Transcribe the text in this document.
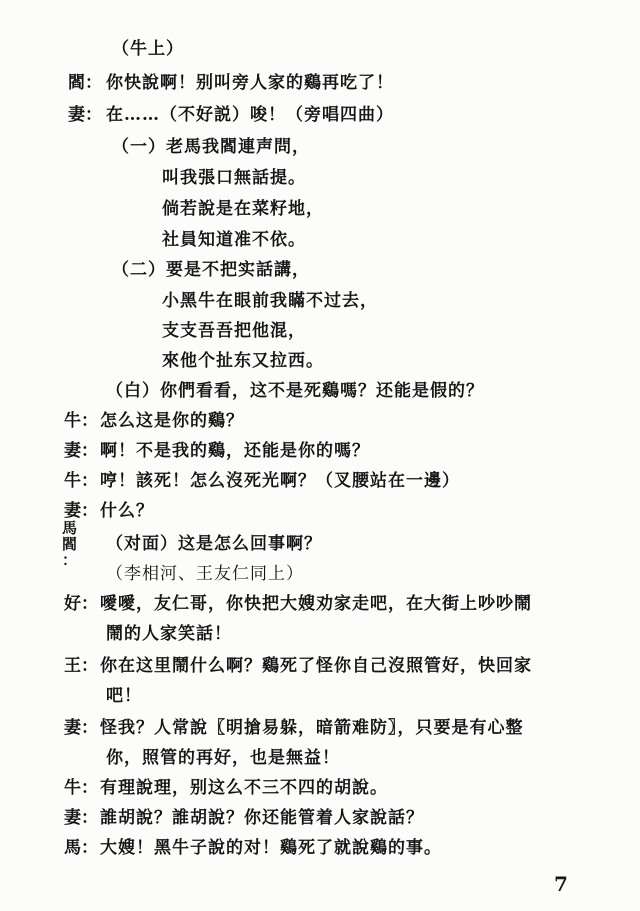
（牛上）
閻： 你快說啊！别叫旁人家的鷄再吃了！
妻： 在……（不好説）唆！（旁唱四曲）
（一）老馬我閻連声問，
叫我張口無話提。
倘若說是在菜籽地，
社員知道准不依。
（二）要是不把实話講，
小黑牛在眼前我瞞不过去，
支支吾吾把他混，
來他个扯东又拉西。
（白）你們看看，这不是死鷄嗎？还能是假的？
牛： 怎么这是你的鷄？
妻： 啊！不是我的鷄，还能是你的嗎？
牛： 哼！該死！怎么沒死光啊？（叉腰站在一邊）
妻： 什么？
馬
閻
：
（对面）这是怎么回事啊？
（李相河、王友仁同上）
好： 噯噯，友仁哥，你快把大嫂劝家走吧，在大街上吵吵鬧
鬧的人家笑話！
王： 你在这里鬧什么啊？鷄死了怪你自己沒照管好，快回家
吧！
妻： 怪我？人常說〖明搶易躲，暗箭难防〗，只要是有心整
你，照管的再好，也是無益！
牛： 有理說理，别这么不三不四的胡說。
妻： 誰胡說？誰胡說？你还能管着人家說話？
馬： 大嫂！黑牛子說的对！鷄死了就說鷄的事。
7
